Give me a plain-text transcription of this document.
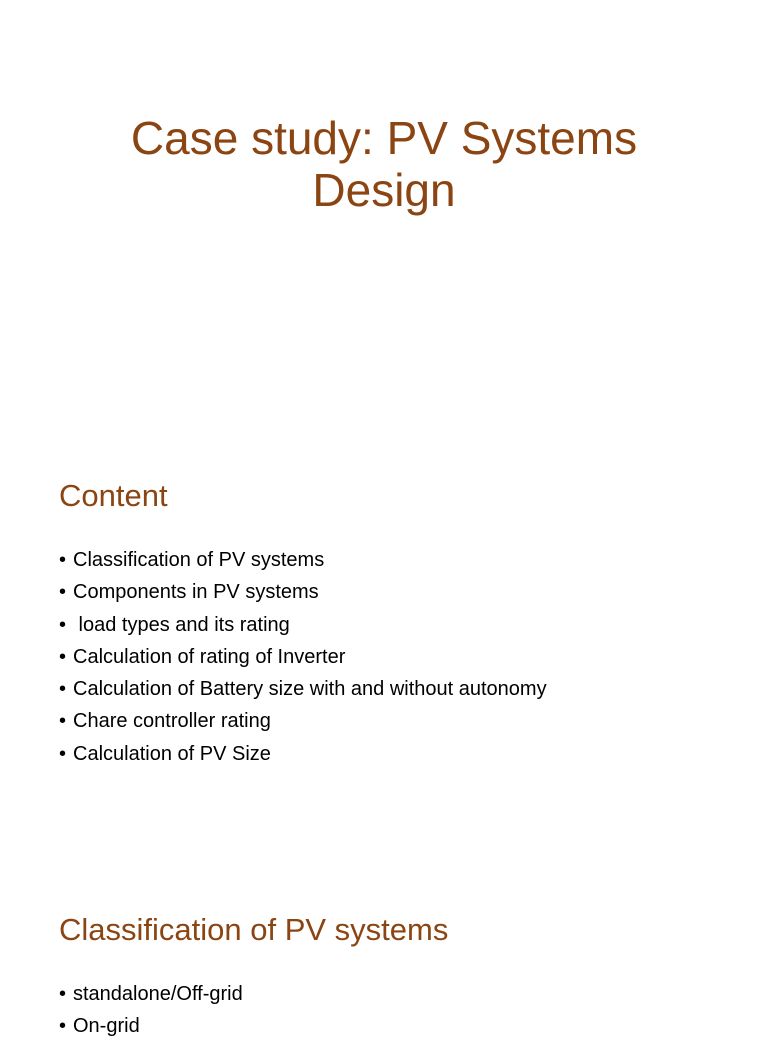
Case study: PV Systems
Design
Content
• Classification of PV systems
• Components in PV systems
• load types and its rating
• Calculation of rating of Inverter
• Calculation of Battery size with and without autonomy
• Chare controller rating
• Calculation of PV Size
Classification of PV systems
• standalone/Off-grid
• On-grid
